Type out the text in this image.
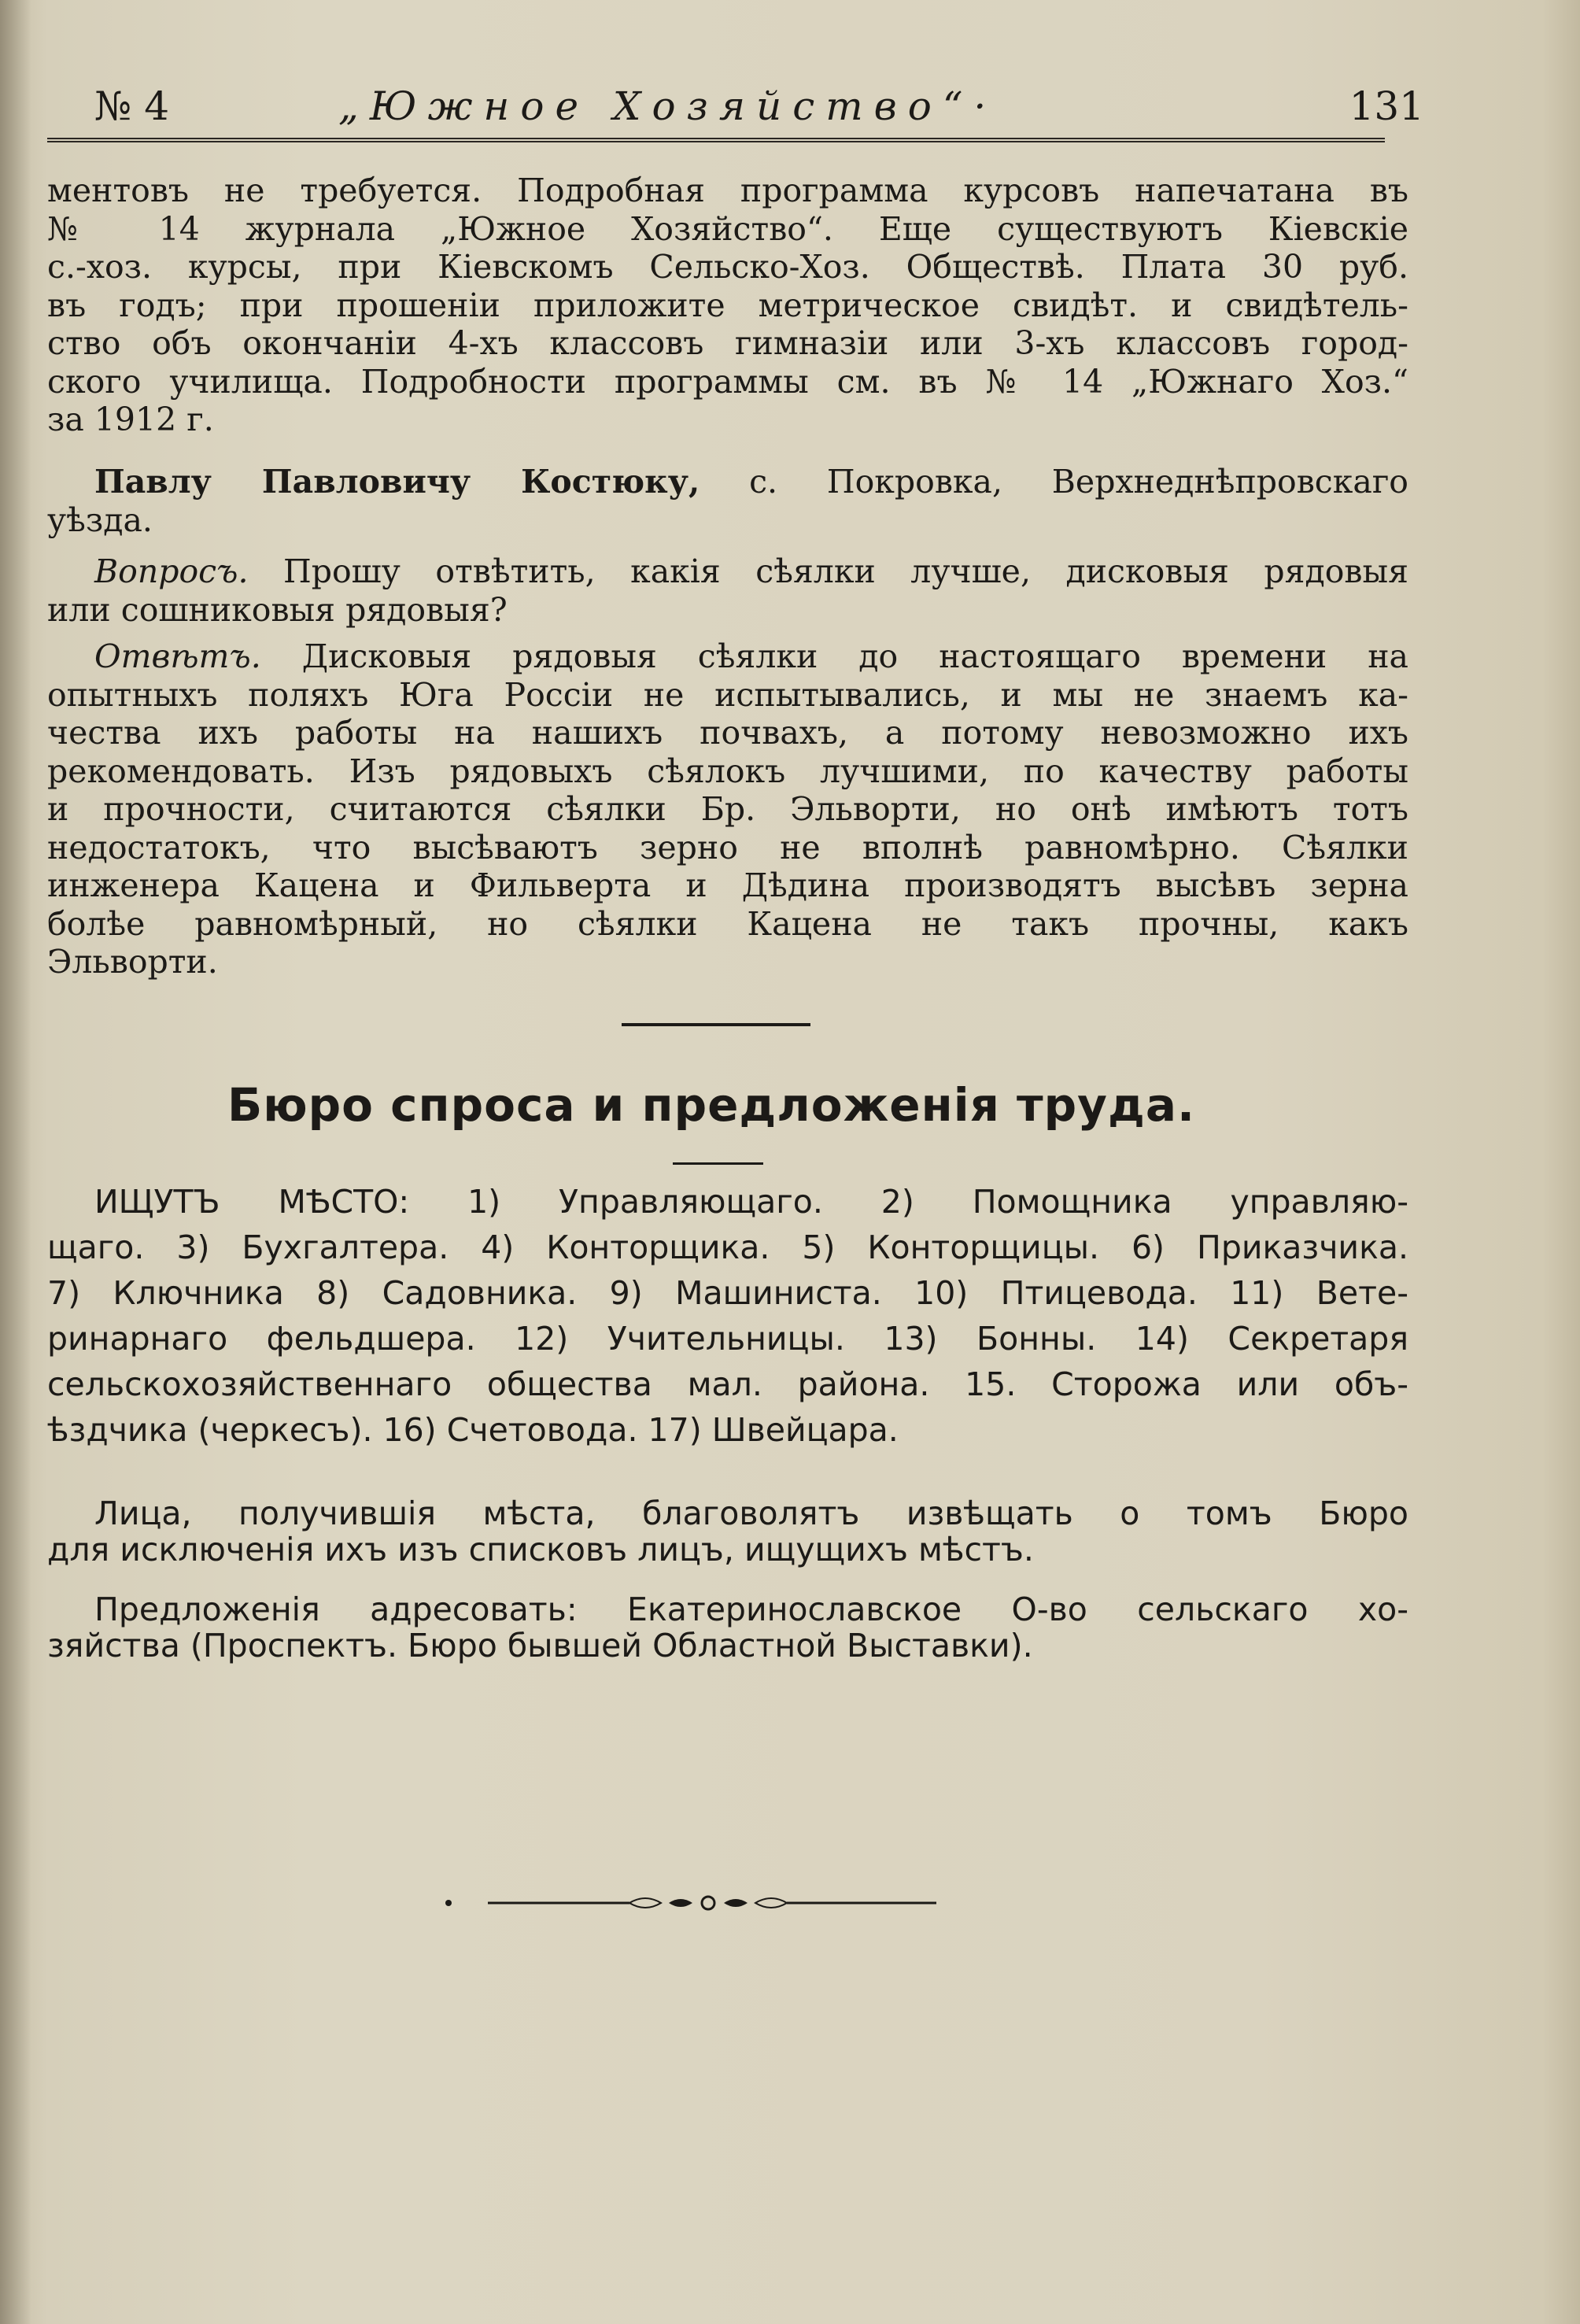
№ 4	„Южное Хозяйство“·	131
ментовъ не требуется. Подробная программа курсовъ напечатана въ
№ 14 журнала „Южное Хозяйство“. Еще существуютъ Кіевскіе
с.-хоз. курсы, при Кіевскомъ Сельско-Хоз. Обществѣ. Плата 30 руб.
въ годъ; при прошеніи приложите метрическое свидѣт. и свидѣтель-
ство объ окончаніи 4-хъ классовъ гимназіи или 3-хъ классовъ город-
ского училища. Подробности программы см. въ № 14 „Южнаго Хоз.“
за 1912 г.
Павлу Павловичу Костюку, с. Покровка, Верхнеднѣпровскаго
уѣзда.
Вопросъ. Прошу отвѣтить, какія сѣялки лучше, дисковыя рядовыя
или сошниковыя рядовыя?
Отвѣтъ. Дисковыя рядовыя сѣялки до настоящаго времени на
опытныхъ поляхъ Юга Россіи не испытывались, и мы не знаемъ ка-
чества ихъ работы на нашихъ почвахъ, а потому невозможно ихъ
рекомендовать. Изъ рядовыхъ сѣялокъ лучшими, по качеству работы
и прочности, считаются сѣялки Бр. Эльворти, но онѣ имѣютъ тотъ
недостатокъ, что высѣваютъ зерно не вполнѣ равномѣрно. Сѣялки
инженера Кацена и Фильверта и Дѣдина производятъ высѣвъ зерна
болѣе равномѣрный, но сѣялки Кацена не такъ прочны, какъ
Эльворти.
Бюро спроса и предложенія труда.
ИЩУТЪ МѢСТО: 1) Управляющаго. 2) Помощника управляю-
щаго. 3) Бухгалтера. 4) Конторщика. 5) Конторщицы. 6) Приказчика.
7) Ключника 8) Садовника. 9) Машиниста. 10) Птицевода. 11) Вете-
ринарнаго фельдшера. 12) Учительницы. 13) Бонны. 14) Секретаря
сельскохозяйственнаго общества мал. района. 15. Сторожа или объ-
ѣздчика (черкесъ). 16) Счетовода. 17) Швейцара.
Лица, получившія мѣста, благоволятъ извѣщать о томъ Бюро
для исключенія ихъ изъ списковъ лицъ, ищущихъ мѣстъ.
Предложенія адресовать: Екатеринославское О-во сельскаго хо-
зяйства (Проспектъ. Бюро бывшей Областной Выставки).
